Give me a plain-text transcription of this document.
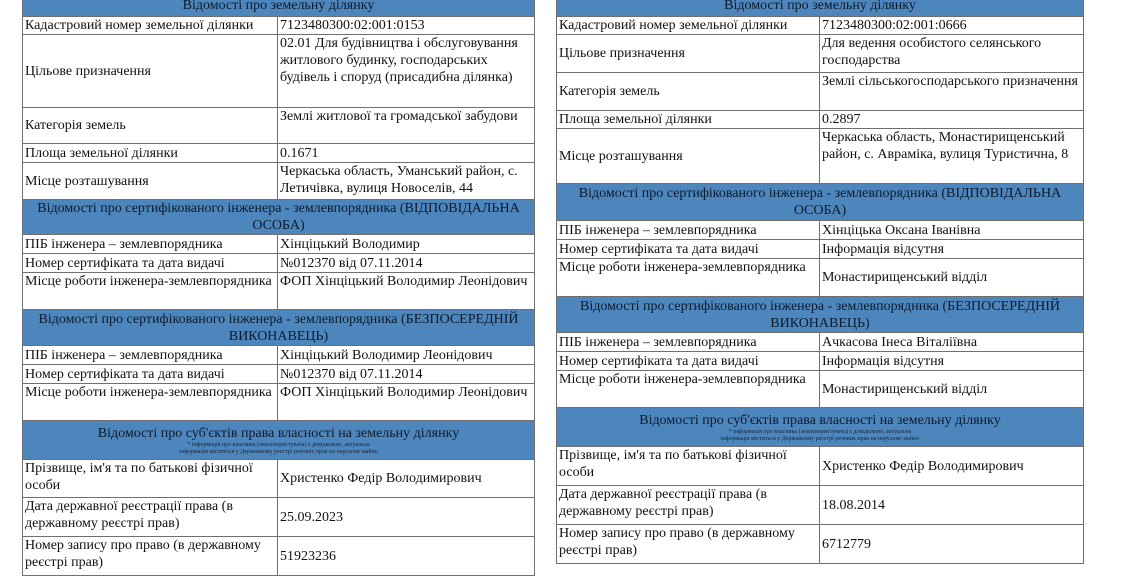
Відомості про земельну ділянку	
Кадастровий номер земельної ділянки	7123480300:02:001:0153
Цільове призначення	02.01 Для будівництва і обслуговування житлового будинку, господарських будівель і споруд (присадибна ділянка)
Категорія земель	Землі житлової та громадської забудови
Площа земельної ділянки	0.1671
Місце розташування	Черкаська область, Уманський район, с. Летичівка, вулиця Новоселів, 44
Відомості про сертифікованого інженера - землевпорядника (ВІДПОВІДАЛЬНА ОСОБА)	
ПІБ інженера – землевпорядника	Хінціцький Володимир
Номер сертифіката та дата видачі	№012370 від 07.11.2014
Місце роботи інженера-землевпорядника	ФОП Хінціцький Володимир Леонідович
Відомості про сертифікованого інженера - землевпорядника (БЕЗПОСЕРЕДНІЙ ВИКОНАВЕЦЬ)	
ПІБ інженера – землевпорядника	Хінціцький Володимир Леонідович
Номер сертифіката та дата видачі	№012370 від 07.11.2014
Місце роботи інженера-землевпорядника	ФОП Хінціцький Володимир Леонідович
Відомості про суб'єктів права власності на земельну ділянку
* інформація про власника (землекористувача) є довідковою, актуальна
інформація міститься у Державному реєстрі речових прав на нерухоме майно	

Прізвище, ім'я та по батькові фізичної особи	Христенко Федір Володимирович
Дата державної реєстрації права (в державному реєстрі прав)	25.09.2023
Номер запису про право (в державному реєстрі прав)	51923236
Відомості про земельну ділянку	
Кадастровий номер земельної ділянки	7123480300:02:001:0666
Цільове призначення	Для ведення особистого селянського господарства
Категорія земель	Землі сільськогосподарського призначення
Площа земельної ділянки	0.2897
Місце розташування	Черкаська область, Монастирищенський район, с. Авраміка, вулиця Туристична, 8
Відомості про сертифікованого інженера - землевпорядника (ВІДПОВІДАЛЬНА ОСОБА)	
ПІБ інженера – землевпорядника	Хінціцька Оксана Іванівна
Номер сертифіката та дата видачі	Інформація відсутня
Місце роботи інженера-землевпорядника	Монастирищенський відділ
Відомості про сертифікованого інженера - землевпорядника (БЕЗПОСЕРЕДНІЙ ВИКОНАВЕЦЬ)	
ПІБ інженера – землевпорядника	Ачкасова Інеса Віталіївна
Номер сертифіката та дата видачі	Інформація відсутня
Місце роботи інженера-землевпорядника	Монастирищенський відділ
Відомості про суб'єктів права власності на земельну ділянку
* інформація про власника (землекористувача) є довідковою, актуальна
інформація міститься у Державному реєстрі речових прав на нерухоме майно	

Прізвище, ім'я та по батькові фізичної особи	Христенко Федір Володимирович
Дата державної реєстрації права (в державному реєстрі прав)	18.08.2014
Номер запису про право (в державному реєстрі прав)	6712779
